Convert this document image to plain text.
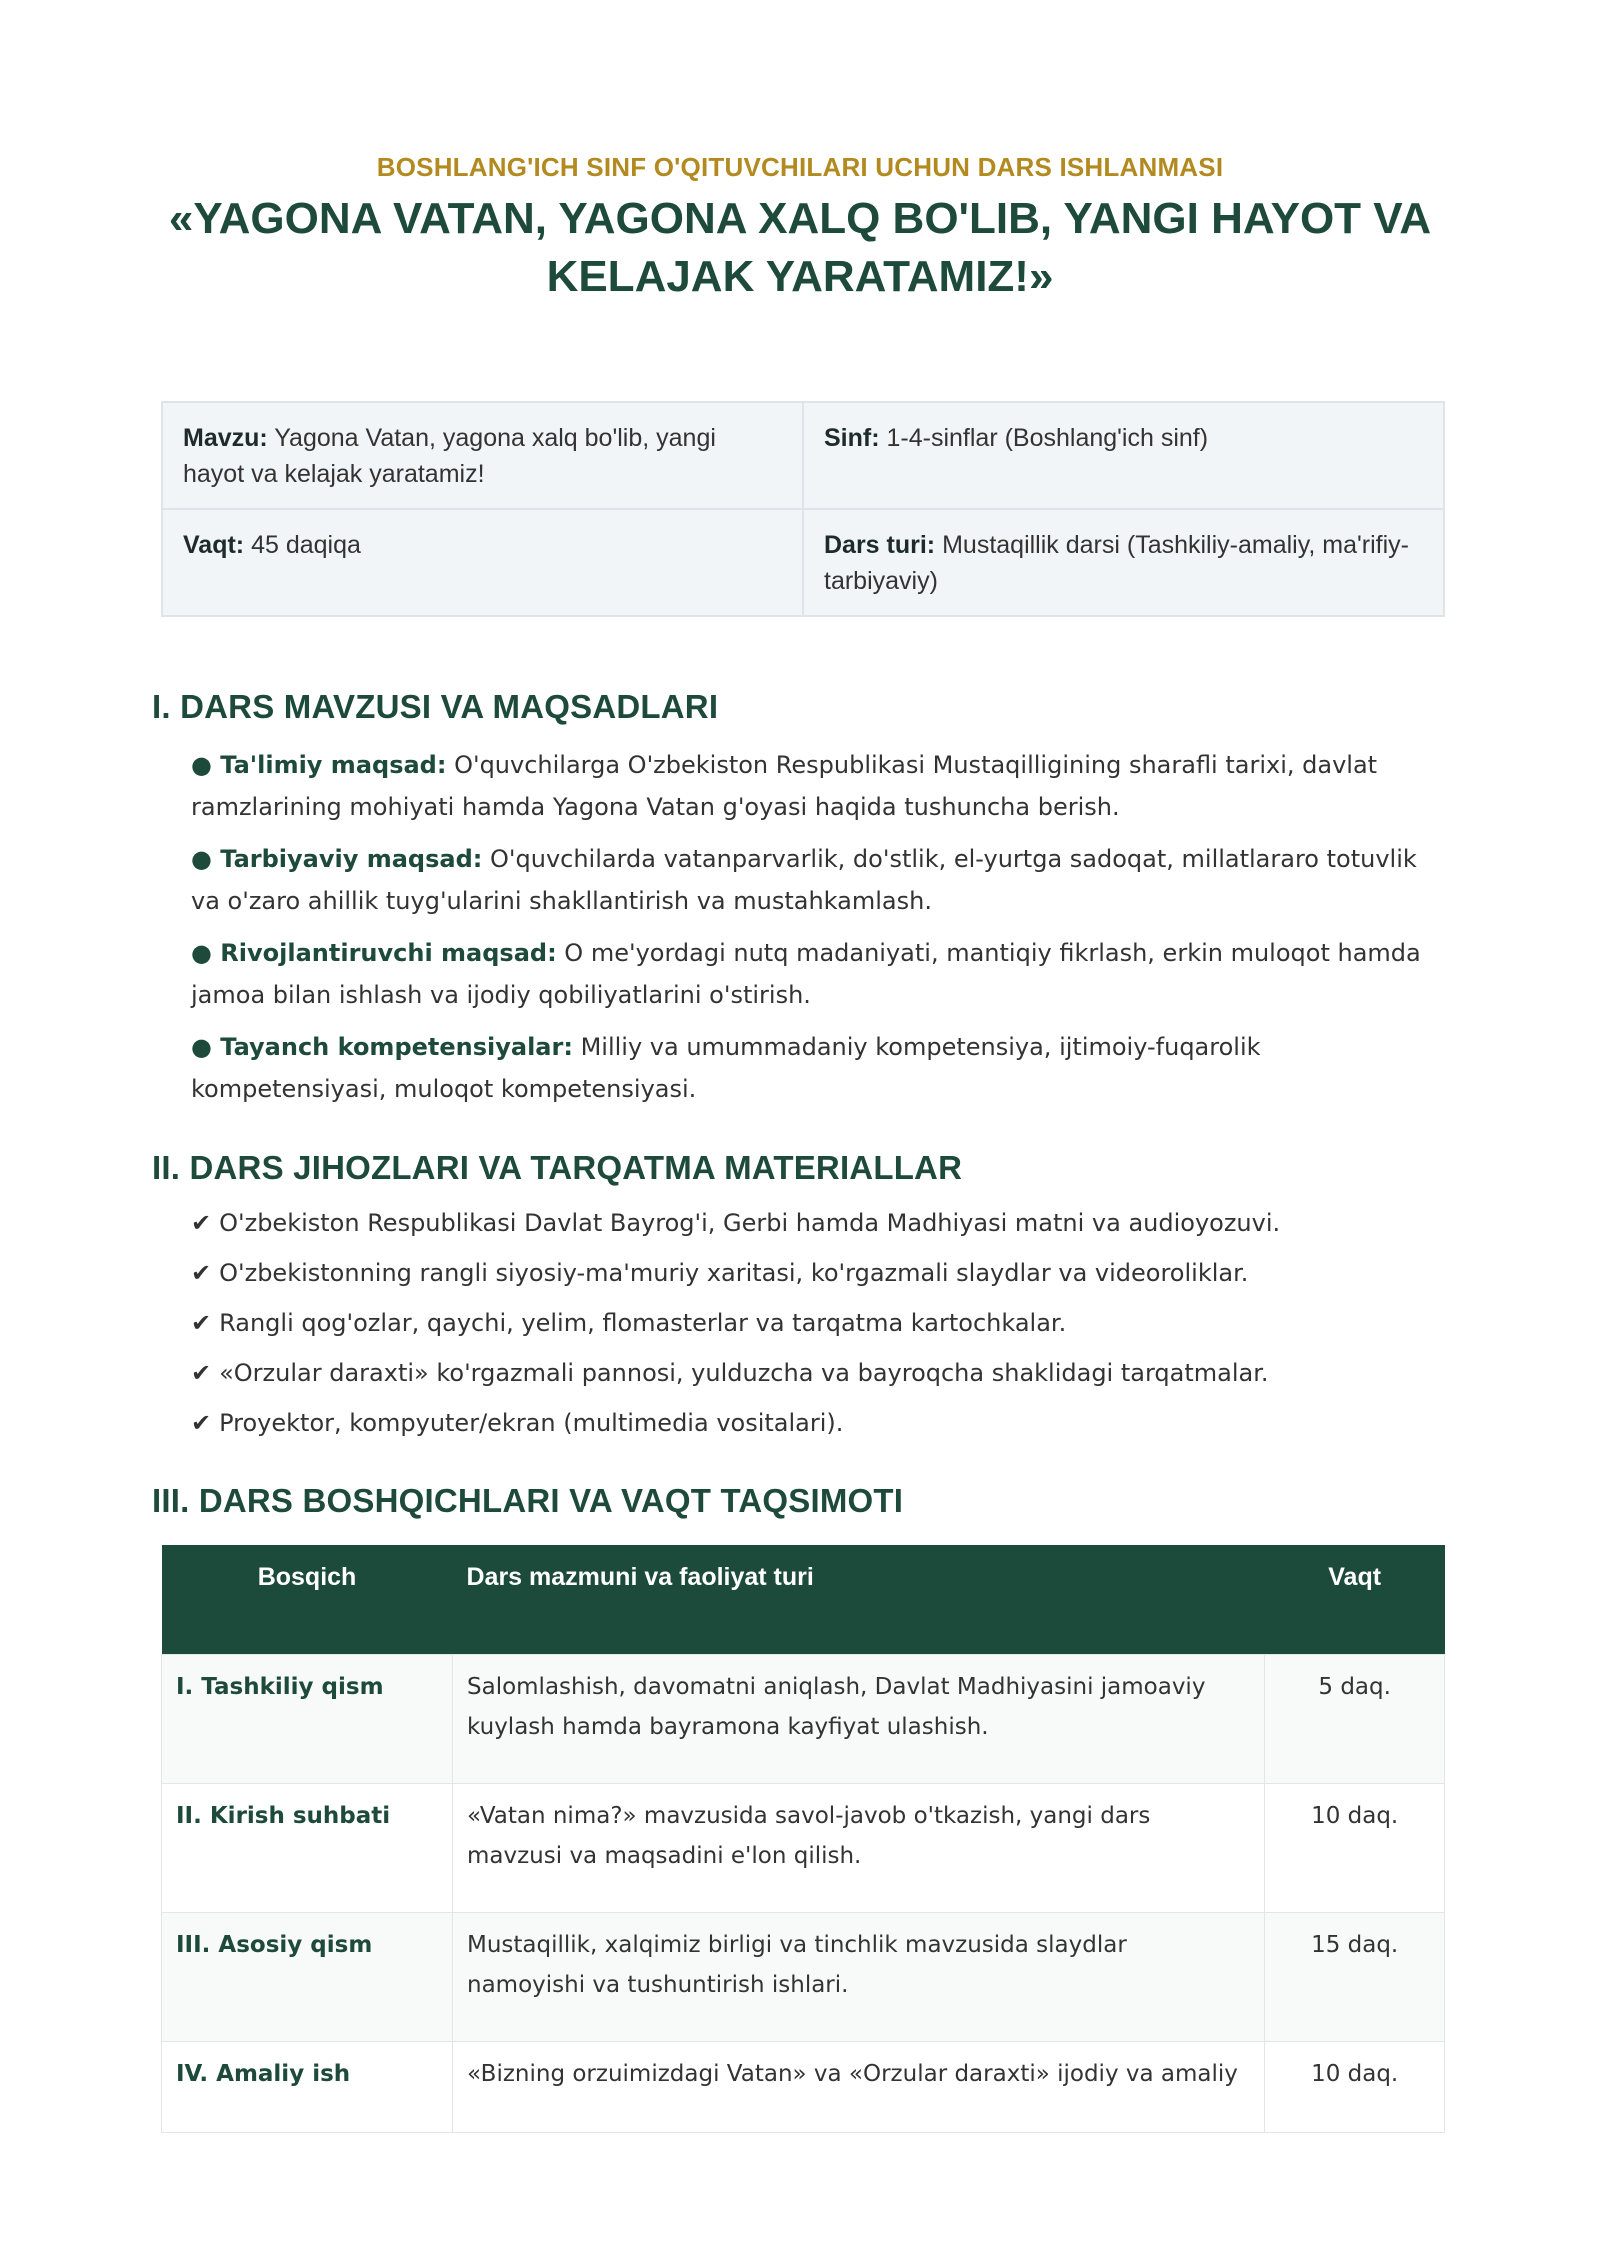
BOSHLANG'ICH SINF O'QITUVCHILARI UCHUN DARS ISHLANMASI
«YAGONA VATAN, YAGONA XALQ BO'LIB, YANGI HAYOT VA KELAJAK YARATAMIZ!»
Mavzu: Yagona Vatan, yagona xalq bo'lib, yangi hayot va kelajak yaratamiz!	Sinf: 1-4-sinflar (Boshlang'ich sinf)
Vaqt: 45 daqiqa	Dars turi: Mustaqillik darsi (Tashkiliy-amaliy, ma'rifiy-tarbiyaviy)
I. DARS MAVZUSI VA MAQSADLARI
● Ta'limiy maqsad: O'quvchilarga O'zbekiston Respublikasi Mustaqilligining sharafli tarixi, davlat ramzlarining mohiyati hamda Yagona Vatan g'oyasi haqida tushuncha berish.
● Tarbiyaviy maqsad: O'quvchilarda vatanparvarlik, do'stlik, el-yurtga sadoqat, millatlararo totuvlik va o'zaro ahillik tuyg'ularini shakllantirish va mustahkamlash.
● Rivojlantiruvchi maqsad: O me'yordagi nutq madaniyati, mantiqiy fikrlash, erkin muloqot hamda jamoa bilan ishlash va ijodiy qobiliyatlarini o'stirish.
● Tayanch kompetensiyalar: Milliy va umummadaniy kompetensiya, ijtimoiy-fuqarolik kompetensiyasi, muloqot kompetensiyasi.
II. DARS JIHOZLARI VA TARQATMA MATERIALLAR
✔ O'zbekiston Respublikasi Davlat Bayrog'i, Gerbi hamda Madhiyasi matni va audioyozuvi.
✔ O'zbekistonning rangli siyosiy-ma'muriy xaritasi, ko'rgazmali slaydlar va videoroliklar.
✔ Rangli qog'ozlar, qaychi, yelim, flomasterlar va tarqatma kartochkalar.
✔ «Orzular daraxti» ko'rgazmali pannosi, yulduzcha va bayroqcha shaklidagi tarqatmalar.
✔ Proyektor, kompyuter/ekran (multimedia vositalari).
III. DARS BOSHQICHLARI VA VAQT TAQSIMOTI
Bosqich	Dars mazmuni va faoliyat turi	Vaqt
I. Tashkiliy qism	Salomlashish, davomatni aniqlash, Davlat Madhiyasini jamoaviy kuylash hamda bayramona kayfiyat ulashish.	5 daq.
II. Kirish suhbati	«Vatan nima?» mavzusida savol-javob o'tkazish, yangi dars mavzusi va maqsadini e'lon qilish.	10 daq.
III. Asosiy qism	Mustaqillik, xalqimiz birligi va tinchlik mavzusida slaydlar namoyishi va tushuntirish ishlari.	15 daq.
IV. Amaliy ish	«Bizning orzuimizdagi Vatan» va «Orzular daraxti» ijodiy va amaliy	10 daq.
